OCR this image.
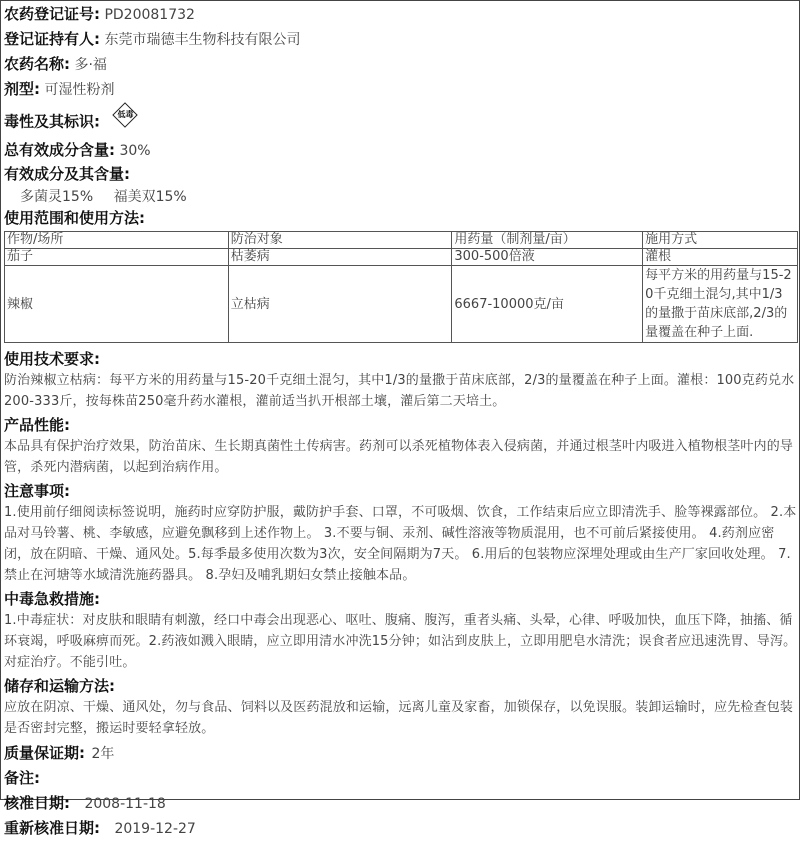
农药登记证号: PD20081732
登记证持有人: 东莞市瑞德丰生物科技有限公司
农药名称: 多·福
剂型: 可湿性粉剂
毒性及其标识:	低毒
总有效成分含量: 30%
有效成分及其含量:
多菌灵15% 福美双15%
使用范围和使用方法:
作物/场所	防治对象	用药量（制剂量/亩）	施用方式
茄子	枯萎病	300-500倍液	灌根
辣椒	立枯病	6667-10000克/亩	每平方米的用药量与15-20千克细土混匀,其中1/3的量撒于苗床底部,2/3的量覆盖在种子上面.
使用技术要求:
防治辣椒立枯病：每平方米的用药量与15-20千克细土混匀，其中1/3的量撒于苗床底部，2/3的量覆盖在种子上面。灌根：100克药兑水200-333斤，按每株苗250毫升药水灌根，灌前适当扒开根部土壤，灌后第二天培土。
产品性能:
本品具有保护治疗效果，防治苗床、生长期真菌性土传病害。药剂可以杀死植物体表入侵病菌，并通过根茎叶内吸进入植物根茎叶内的导管，杀死内潜病菌，以起到治病作用。
注意事项:
1.使用前仔细阅读标签说明，施药时应穿防护服，戴防护手套、口罩，不可吸烟、饮食，工作结束后应立即清洗手、脸等裸露部位。 2.本品对马铃薯、桃、李敏感，应避免飘移到上述作物上。 3.不要与铜、汞剂、碱性溶液等物质混用，也不可前后紧接使用。 4.药剂应密闭，放在阴暗、干燥、通风处。5.每季最多使用次数为3次，安全间隔期为7天。 6.用后的包装物应深埋处理或由生产厂家回收处理。 7.禁止在河塘等水域清洗施药器具。 8.孕妇及哺乳期妇女禁止接触本品。
中毒急救措施:
1.中毒症状：对皮肤和眼睛有刺激，经口中毒会出现恶心、呕吐、腹痛、腹泻，重者头痛、头晕，心律、呼吸加快，血压下降，抽搐、循环衰竭，呼吸麻痹而死。2.药液如溅入眼睛，应立即用清水冲洗15分钟；如沾到皮肤上，立即用肥皂水清洗；误食者应迅速洗胃、导泻。对症治疗。不能引吐。
储存和运输方法:
应放在阴凉、干燥、通风处，勿与食品、饲料以及医药混放和运输，远离儿童及家畜，加锁保存，以免误服。装卸运输时，应先检查包装是否密封完整，搬运时要轻拿轻放。
质量保证期: 2年
备注:
核准日期: 2008-11-18
重新核准日期: 2019-12-27
